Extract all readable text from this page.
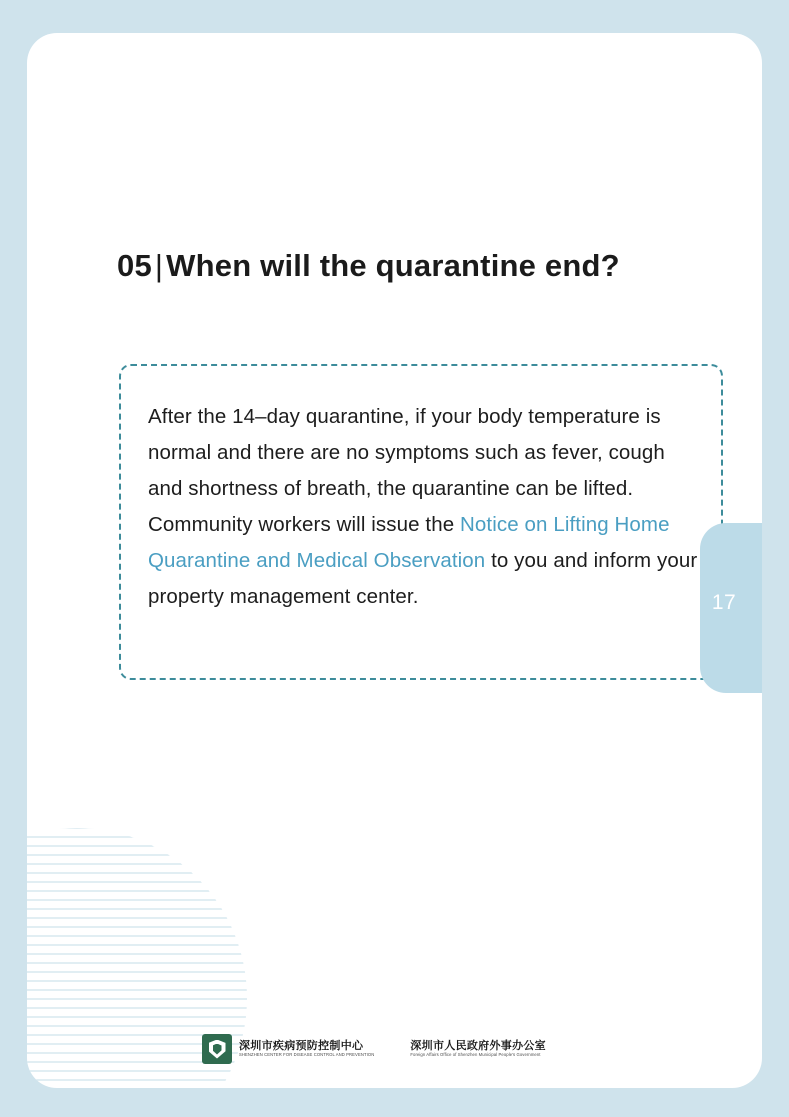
05|When will the quarantine end?
After the 14–day quarantine, if your body temperature is normal and there are no symptoms such as fever, cough and shortness of breath, the quarantine can be lifted. Community workers will issue the Notice on Lifting Home Quarantine and Medical Observation to you and inform your property management center.
深圳市疾病预防控制中心
SHENZHEN CENTER FOR DISEASE CONTROL AND PREVENTION
深圳市人民政府外事办公室
Foreign Affairs Office of Shenzhen Municipal People's Government
17
